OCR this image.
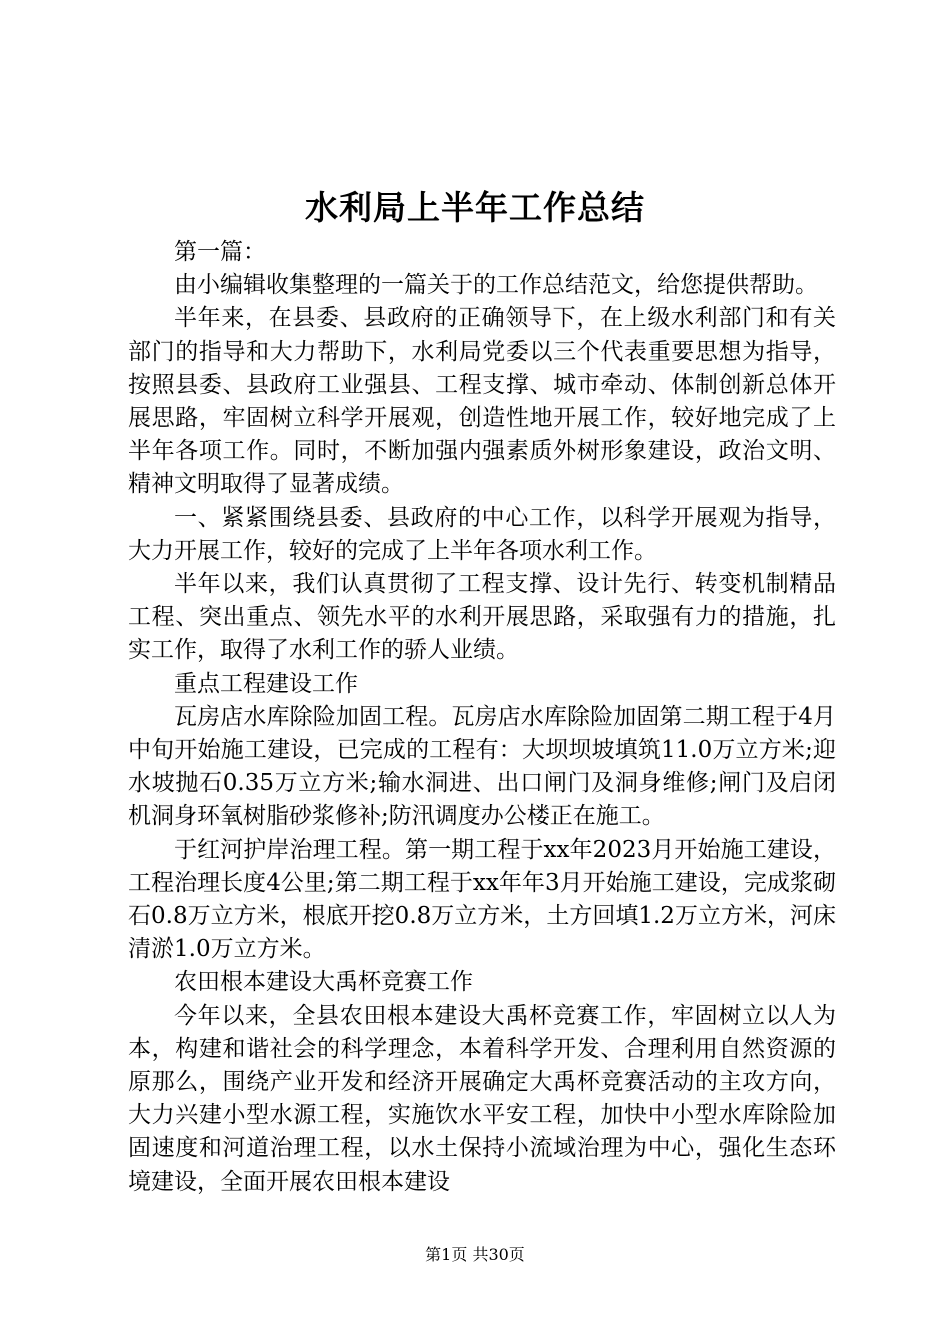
水利局上半年工作总结

第一篇：

由小编辑收集整理的一篇关于的工作总结范文，给您提供帮助。

半年来，在县委、县政府的正确领导下，在上级水利部门和有关部门的指导和大力帮助下，水利局党委以三个代表重要思想为指导，按照县委、县政府工业强县、工程支撑、城市牵动、体制创新总体开展思路，牢固树立科学开展观，创造性地开展工作，较好地完成了上半年各项工作。同时，不断加强内强素质外树形象建设，政治文明、精神文明取得了显著成绩。

一、紧紧围绕县委、县政府的中心工作，以科学开展观为指导，大力开展工作，较好的完成了上半年各项水利工作。

半年以来，我们认真贯彻了工程支撑、设计先行、转变机制精品工程、突出重点、领先水平的水利开展思路，采取强有力的措施，扎实工作，取得了水利工作的骄人业绩。

重点工程建设工作

瓦房店水库除险加固工程。瓦房店水库除险加固第二期工程于4月中旬开始施工建设，已完成的工程有：大坝坝坡填筑11.0万立方米;迎水坡抛石0.35万立方米;输水洞进、出口闸门及洞身维修;闸门及启闭机洞身环氧树脂砂浆修补;防汛调度办公楼正在施工。

于红河护岸治理工程。第一期工程于xx年2023月开始施工建设，工程治理长度4公里;第二期工程于xx年年3月开始施工建设，完成浆砌石0.8万立方米，根底开挖0.8万立方米，土方回填1.2万立方米，河床清淤1.0万立方米。

农田根本建设大禹杯竞赛工作

今年以来，全县农田根本建设大禹杯竞赛工作，牢固树立以人为本，构建和谐社会的科学理念，本着科学开发、合理利用自然资源的原那么，围绕产业开发和经济开展确定大禹杯竞赛活动的主攻方向，大力兴建小型水源工程，实施饮水平安工程，加快中小型水库除险加固速度和河道治理工程，以水土保持小流域治理为中心，强化生态环境建设，全面开展农田根本建设

第1页 共30页
